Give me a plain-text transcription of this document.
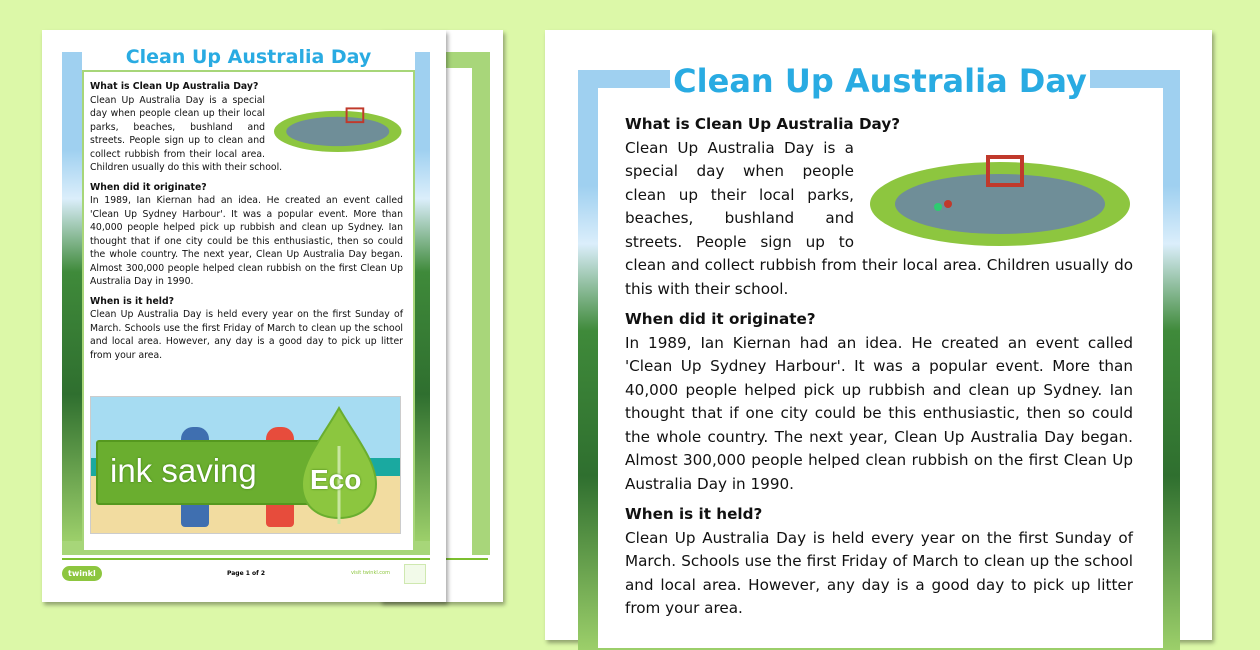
Clean Up Australia Day
What is Clean Up Australia Day?

Clean Up Australia Day is a special day when people clean up their local parks, beaches, bushland and streets. People sign up to clean and collect rubbish from their local area. Children usually do this with their school.

When did it originate?

In 1989, Ian Kiernan had an idea. He created an event called 'Clean Up Sydney Harbour'. It was a popular event. More than 40,000 people helped pick up rubbish and clean up Sydney. Ian thought that if one city could be this enthusiastic, then so could the whole country. The next year, Clean Up Australia Day began. Almost 300,000 people helped clean rubbish on the first Clean Up Australia Day in 1990.

When is it held?

Clean Up Australia Day is held every year on the first Sunday of March. Schools use the first Friday of March to clean up the school and local area. However, any day is a good day to pick up litter from your area.

twinkl	Page 1 of 2	visit twinkl.com
Clean Up Australia Day
What is Clean Up Australia Day?

Clean Up Australia Day is a special day when people clean up their local parks, beaches, bushland and streets. People sign up to clean and collect rubbish from their local area. Children usually do this with their school.

When did it originate?

In 1989, Ian Kiernan had an idea. He created an event called 'Clean Up Sydney Harbour'. It was a popular event. More than 40,000 people helped pick up rubbish and clean up Sydney. Ian thought that if one city could be this enthusiastic, then so could the whole country. The next year, Clean Up Australia Day began. Almost 300,000 people helped clean rubbish on the first Clean Up Australia Day in 1990.

When is it held?

Clean Up Australia Day is held every year on the first Sunday of March. Schools use the first Friday of March to clean up the school and local area. However, any day is a good day to pick up litter from your area.

ink saving Eco
